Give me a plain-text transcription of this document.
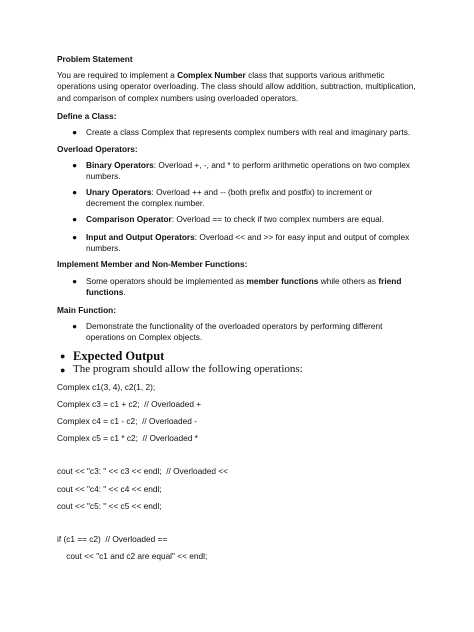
Problem Statement
You are required to implement a Complex Number class that supports various arithmetic operations using operator overloading. The class should allow addition, subtraction, multiplication, and comparison of complex numbers using overloaded operators.
Define a Class:
●	Create a class Complex that represents complex numbers with real and imaginary parts.
Overload Operators:
●	Binary Operators: Overload +, -, and * to perform arithmetic operations on two complex numbers.
●	Unary Operators: Overload ++ and -- (both prefix and postfix) to increment or decrement the complex number.
●	Comparison Operator: Overload == to check if two complex numbers are equal.
●	Input and Output Operators: Overload << and >> for easy input and output of complex numbers.
Implement Member and Non-Member Functions:
●	Some operators should be implemented as member functions while others as friend functions.
Main Function:
●	Demonstrate the functionality of the overloaded operators by performing different operations on Complex objects.
● Expected Output
● The program should allow the following operations:
Complex c1(3, 4), c2(1, 2);
Complex c3 = c1 + c2;  // Overloaded +
Complex c4 = c1 - c2;  // Overloaded -
Complex c5 = c1 * c2;  // Overloaded *
cout << "c3: " << c3 << endl;  // Overloaded <<
cout << "c4: " << c4 << endl;
cout << "c5: " << c5 << endl;
if (c1 == c2)  // Overloaded ==
cout << "c1 and c2 are equal" << endl;
